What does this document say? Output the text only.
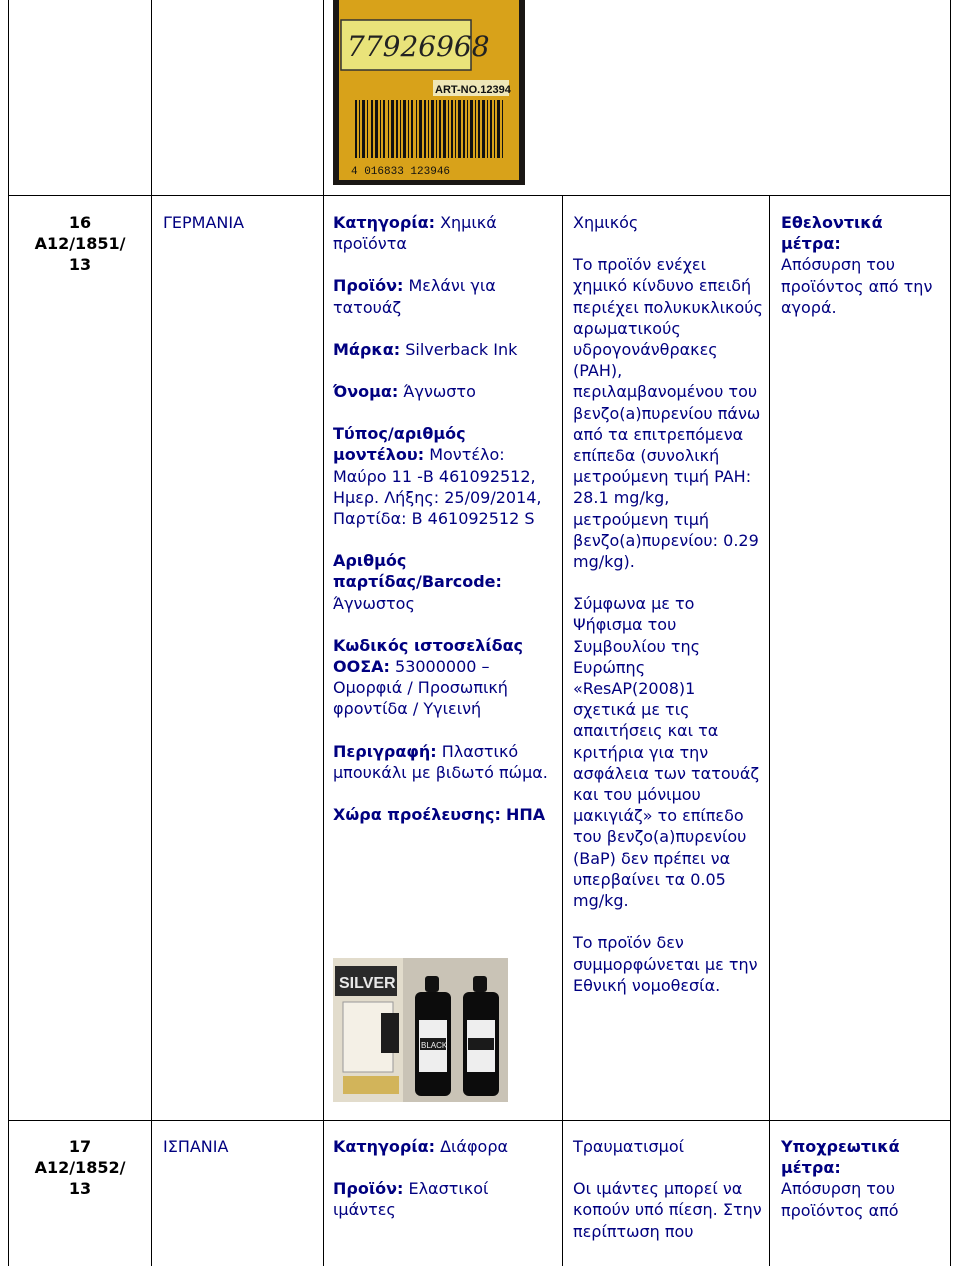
77926968
ART-NO.12394
4 016833 123946

16

A12/1851/

13

ΓΕΡΜΑΝΙΑ	Κατηγορία: Χημικά προϊόντα

Προϊόν: Μελάνι για τατουάζ

Μάρκα: Silverback Ink

Όνομα: Άγνωστο

Τύπος/αριθμός μοντέλου: Μοντέλο: Μαύρο 11 -B 461092512, Ημερ. Λήξης: 25/09/2014, Παρτίδα: B 461092512 S

Αριθμός παρτίδας/Barcode: Άγνωστος

Κωδικός ιστοσελίδας ΟΟΣΑ: 53000000 – Ομορφιά / Προσωπική φροντίδα / Υγιεινή

Περιγραφή: Πλαστικό μπουκάλι με βιδωτό πώμα.

Χώρα προέλευσης: ΗΠΑ

SILVER
BLACK

Χημικός

Το προϊόν ενέχει χημικό κίνδυνο επειδή περιέχει πολυκυκλικούς αρωματικούς υδρογονάνθρακες (PAH), περιλαμβανομένου του βενζο(a)πυρενίου πάνω από τα επιτρεπόμενα επίπεδα (συνολική μετρούμενη τιμή PAH: 28.1 mg/kg, μετρούμενη τιμή βενζο(a)πυρενίου: 0.29 mg/kg).

Σύμφωνα με το Ψήφισμα του Συμβουλίου της Ευρώπης «ResAP(2008)1 σχετικά με τις απαιτήσεις και τα κριτήρια για την ασφάλεια των τατουάζ και του μόνιμου μακιγιάζ» το επίπεδο του βενζο(a)πυρενίου (BaP) δεν πρέπει να υπερβαίνει τα 0.05 mg/kg.

Το προϊόν δεν συμμορφώνεται με την Εθνική νομοθεσία.

Εθελοντικά μέτρα:

Απόσυρση του προϊόντος από την αγορά.

17

A12/1852/

13

ΙΣΠΑΝΙΑ	Κατηγορία: Διάφορα

Προϊόν: Ελαστικοί ιμάντες

Τραυματισμοί

Οι ιμάντες μπορεί να κοπούν υπό πίεση. Στην περίπτωση που

Υποχρεωτικά μέτρα:

Απόσυρση του προϊόντος από
